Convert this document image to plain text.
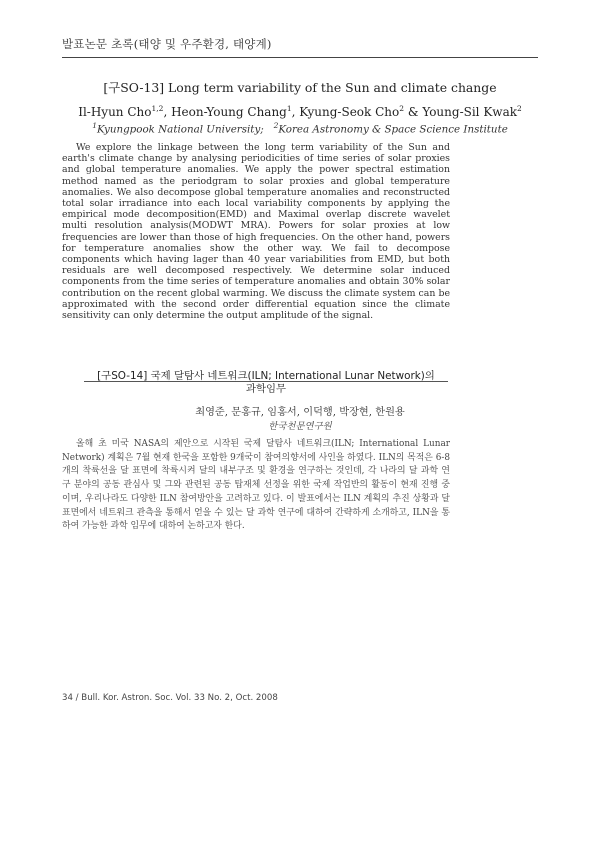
발표논문 초록(태양 및 우주환경, 태양계)
[구SO-13] Long term variability of the Sun and climate change
Il-Hyun Cho$^{1,2}$, Heon-Young Chang$^1$, Kyung-Seok Cho$^2$ & Young-Sil Kwak$^2$
$^1$Kyungpook National University; $^2$Korea Astronomy & Space Science Institute

We explore the linkage between the long term variability of the Sun and earth's climate change by analysing periodicities of time series of solar proxies and global temperature anomalies. We apply the power spectral estimation method named as the periodgram to solar proxies and global temperature anomalies. We also decompose global temperature anomalies and reconstructed total solar irradiance into each local variability components by applying the empirical mode decomposition(EMD) and Maximal overlap discrete wavelet multi resolution analysis(MODWT MRA). Powers for solar proxies at low frequencies are lower than those of high frequencies. On the other hand, powers for temperature anomalies show the other way. We fail to decompose components which having lager than 40 year variabilities from EMD, but both residuals are well decomposed respectively. We determine solar induced components from the time series of temperature anomalies and obtain 30% solar contribution on the recent global warming. We discuss the climate system can be approximated with the second order differential equation since the climate sensitivity can only determine the output amplitude of the signal.

[구SO-14] 국제 달탐사 네트워크(ILN; International Lunar Network)의
과학임무
최영준, 문홍규, 임홍서, 이덕행, 박장현, 한원용
한국천문연구원

올해 초 미국 NASA의 제안으로 시작된 국제 달탐사 네트워크(ILN; International Lunar Network) 계획은 7월 현재 한국을 포함한 9개국이 참여의향서에 사인을 하였다. ILN의 목적은 6-8개의 착륙선을 달 표면에 착륙시켜 달의 내부구조 및 환경을 연구하는 것인데, 각 나라의 달 과학 연구 분야의 공동 관심사 및 그와 관련된 공동 탑재체 선정을 위한 국제 작업반의 활동이 현재 진행 중이며, 우리나라도 다양한 ILN 참여방안을 고려하고 있다. 이 발표에서는 ILN 계획의 추진 상황과 달 표면에서 네트워크 관측을 통해서 얻을 수 있는 달 과학 연구에 대하여 간략하게 소개하고, ILN을 통하여 가능한 과학 임무에 대하여 논하고자 한다.

34 / Bull. Kor. Astron. Soc. Vol. 33 No. 2, Oct. 2008
